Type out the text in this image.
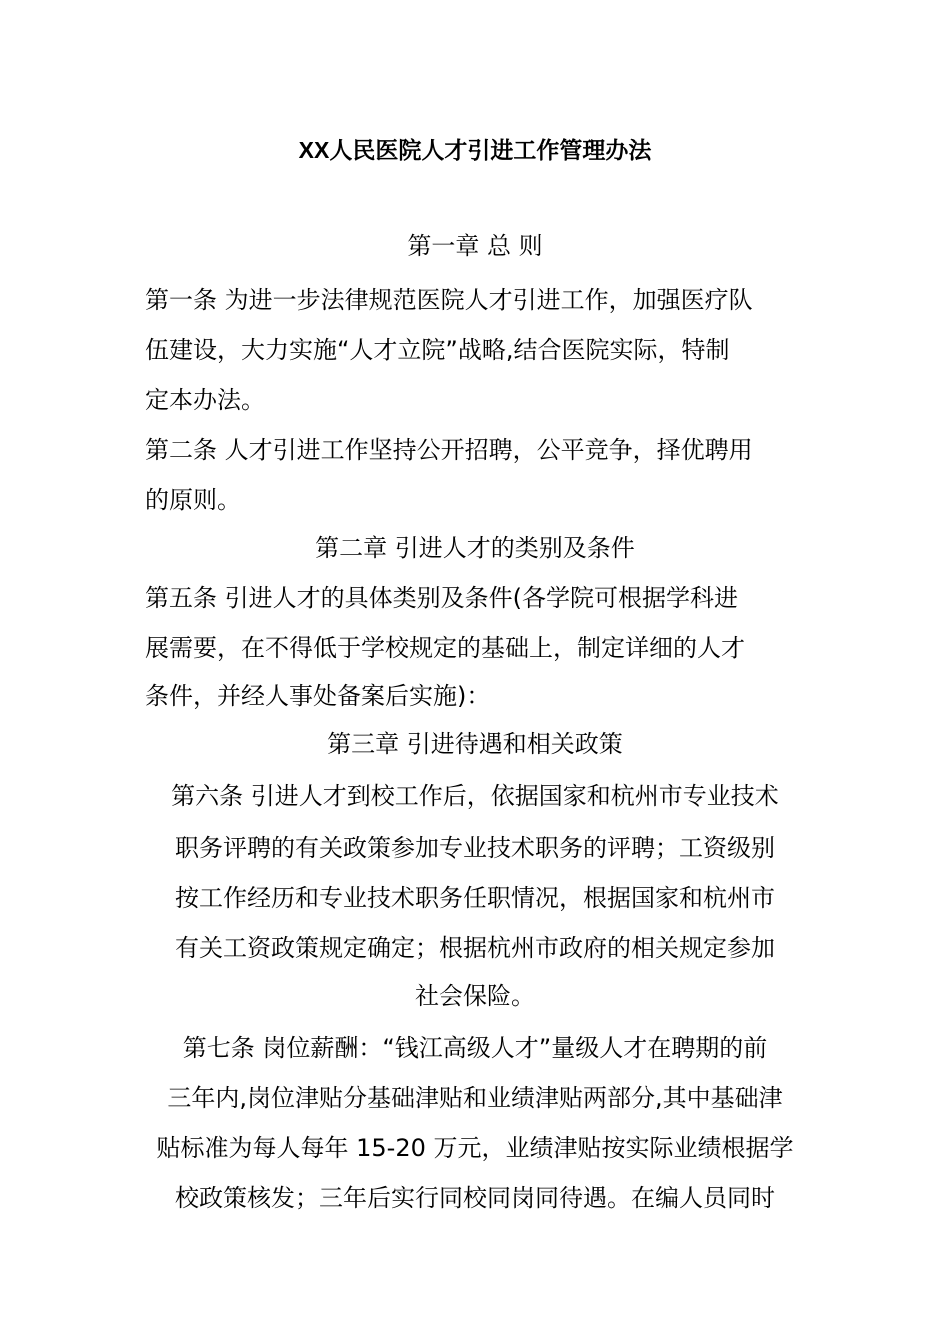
XX人民医院人才引进工作管理办法
第一章 总 则
第一条 为进一步法律规范医院人才引进工作，加强医疗队
伍建设，大力实施“人才立院”战略,结合医院实际，特制
定本办法。
第二条 人才引进工作坚持公开招聘，公平竞争，择优聘用
的原则。
第二章 引进人才的类别及条件
第五条 引进人才的具体类别及条件(各学院可根据学科进
展需要，在不得低于学校规定的基础上，制定详细的人才
条件，并经人事处备案后实施)：
第三章 引进待遇和相关政策
第六条 引进人才到校工作后，依据国家和杭州市专业技术
职务评聘的有关政策参加专业技术职务的评聘；工资级别
按工作经历和专业技术职务任职情况，根据国家和杭州市
有关工资政策规定确定；根据杭州市政府的相关规定参加
社会保险。
第七条 岗位薪酬：“钱江高级人才”量级人才在聘期的前
三年内,岗位津贴分基础津贴和业绩津贴两部分,其中基础津
贴标准为每人每年 15-20 万元，业绩津贴按实际业绩根据学
校政策核发；三年后实行同校同岗同待遇。在编人员同时
